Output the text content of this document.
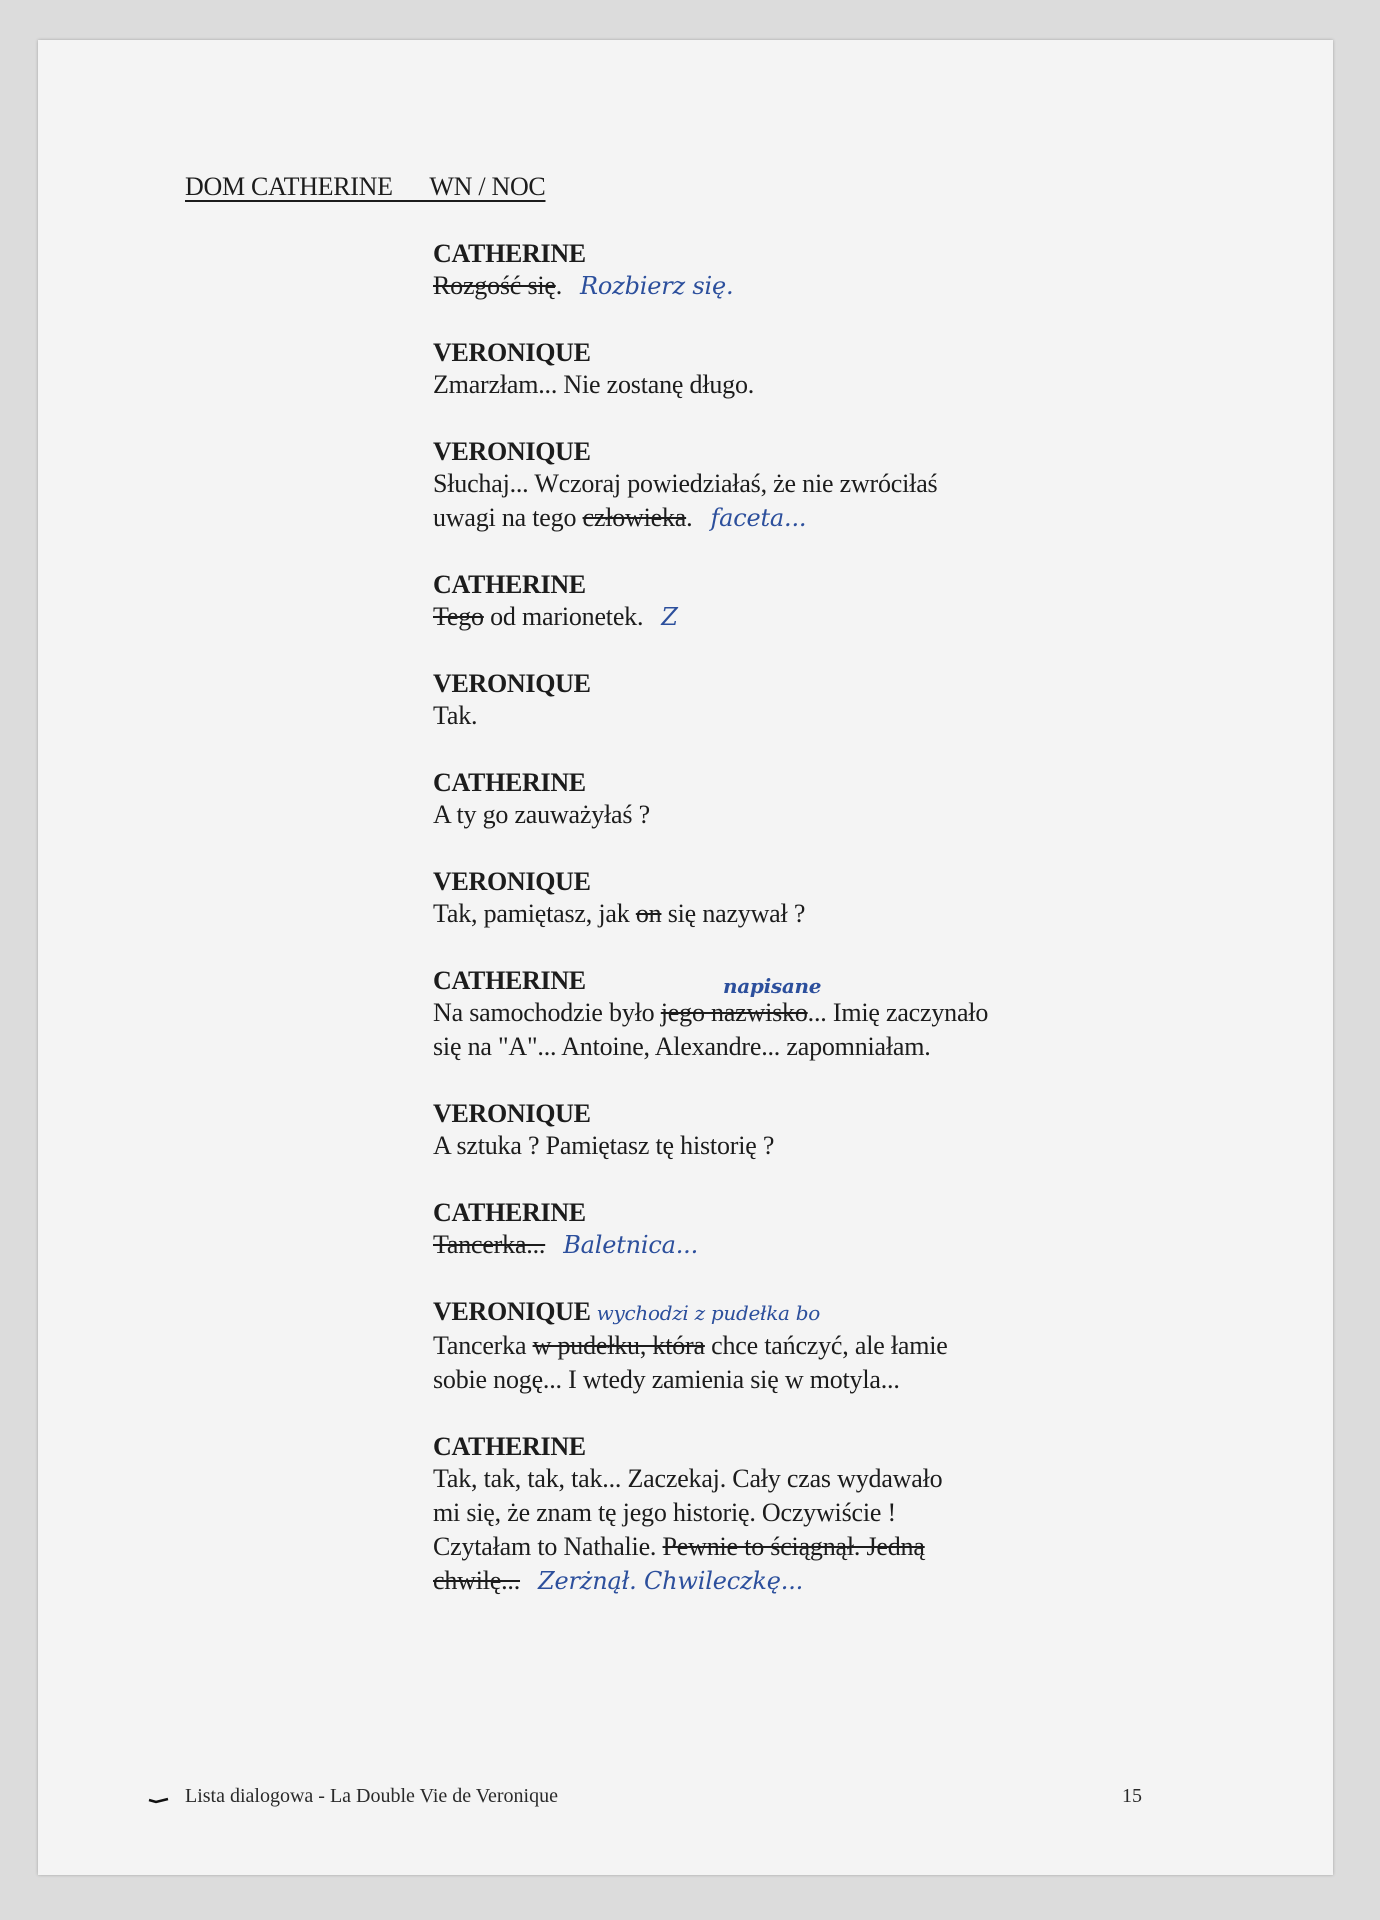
DOM CATHERINE      WN / NOC
CATHERINE
Rozgość się. Rozbierz się.
VERONIQUE
Zmarzłam... Nie zostanę długo.
VERONIQUE
Słuchaj... Wczoraj powiedziałaś, że nie zwróciłaś
uwagi na tego człowieka. faceta...
CATHERINE
Tego od marionetek. Z
VERONIQUE
Tak.
CATHERINE
A ty go zauważyłaś ?
VERONIQUE
Tak, pamiętasz, jak on się nazywał ?
CATHERINE	napisane
Na samochodzie było jego nazwisko... Imię zaczynało
się na "A"... Antoine, Alexandre... zapomniałam.
VERONIQUE
A sztuka ? Pamiętasz tę historię ?
CATHERINE
Tancerka... Baletnica...
VERONIQUE wychodzi z pudełka bo
Tancerka w pudełku, która chce tańczyć, ale łamie
sobie nogę... I wtedy zamienia się w motyla...
CATHERINE
Tak, tak, tak, tak... Zaczekaj. Cały czas wydawało
mi się, że znam tę jego historię. Oczywiście !
Czytałam to Nathalie. Pewnie to ściągnął. Jedną
chwilę... Zerżnął. Chwileczkę...
Lista dialogowa - La Double Vie de Veronique	15
